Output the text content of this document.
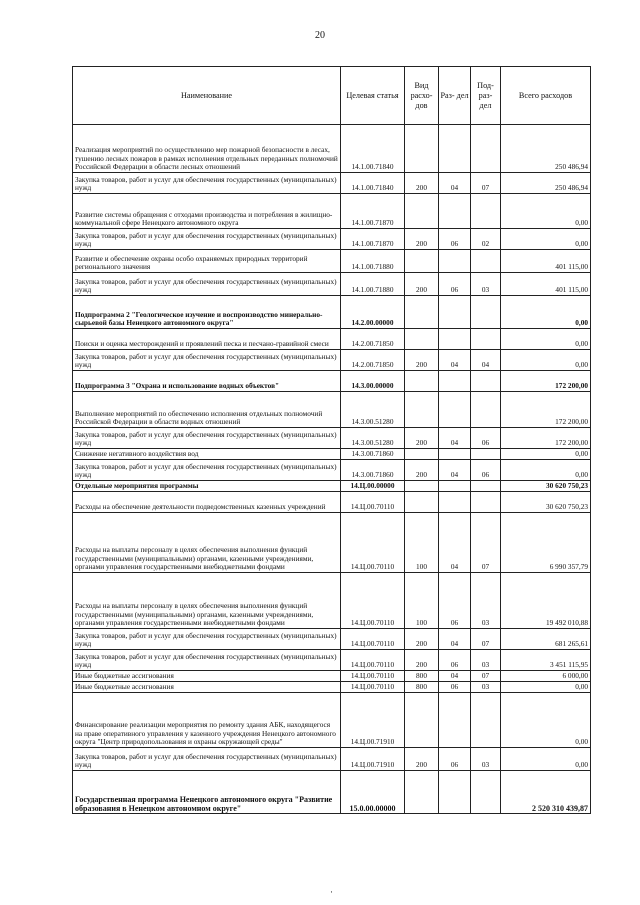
20
Наименование	Целевая статья	Вид расхо- дов	Раз- дел	Под- раз- дел	Всего расходов
Реализация мероприятий по осуществлению мер пожарной безопасности в лесах, тушению лесных пожаров в рамках исполнения отдельных переданных полномочий Российской Федерации в области лесных отношений	14.1.00.71840				250 486,94
Закупка товаров, работ и услуг для обеспечения государственных (муниципальных) нужд	14.1.00.71840	200	04	07	250 486,94
Развитие системы обращения с отходами производства и потребления в жилищно-коммунальной сфере Ненецкого автономного округа	14.1.00.71870				0,00
Закупка товаров, работ и услуг для обеспечения государственных (муниципальных) нужд	14.1.00.71870	200	06	02	0,00
Развитие и обеспечение охраны особо охраняемых природных территорий регионального значения	14.1.00.71880				401 115,00
Закупка товаров, работ и услуг для обеспечения государственных (муниципальных) нужд	14.1.00.71880	200	06	03	401 115,00
Подпрограмма 2 "Геологическое изучение и воспроизводство минерально-сырьевой базы Ненецкого автономного округа"	14.2.00.00000				0,00
Поиски и оценка месторождений и проявлений песка и песчано-гравийной смеси	14.2.00.71850				0,00
Закупка товаров, работ и услуг для обеспечения государственных (муниципальных) нужд	14.2.00.71850	200	04	04	0,00
Подпрограмма 3 "Охрана и использование водных объектов"	14.3.00.00000				172 200,00
Выполнение мероприятий по обеспечению исполнения отдельных полномочий Российской Федерации в области водных отношений	14.3.00.51280				172 200,00
Закупка товаров, работ и услуг для обеспечения государственных (муниципальных) нужд	14.3.00.51280	200	04	06	172 200,00
Снижение негативного воздействия вод	14.3.00.71860				0,00
Закупка товаров, работ и услуг для обеспечения государственных (муниципальных) нужд	14.3.00.71860	200	04	06	0,00
Отдельные мероприятия программы	14.Ц.00.00000				30 620 750,23
Расходы на обеспечение деятельности подведомственных казенных учреждений	14.Ц.00.70110				30 620 750,23
Расходы на выплаты персоналу в целях обеспечения выполнения функций государственными (муниципальными) органами, казенными учреждениями, органами управления государственными внебюджетными фондами	14.Ц.00.70110	100	04	07	6 990 357,79
Расходы на выплаты персоналу в целях обеспечения выполнения функций государственными (муниципальными) органами, казенными учреждениями, органами управления государственными внебюджетными фондами	14.Ц.00.70110	100	06	03	19 492 010,88
Закупка товаров, работ и услуг для обеспечения государственных (муниципальных) нужд	14.Ц.00.70110	200	04	07	681 265,61
Закупка товаров, работ и услуг для обеспечения государственных (муниципальных) нужд	14.Ц.00.70110	200	06	03	3 451 115,95
Иные бюджетные ассигнования	14.Ц.00.70110	800	04	07	6 000,00
Иные бюджетные ассигнования	14.Ц.00.70110	800	06	03	0,00
Финансирование реализации мероприятия по ремонту здания АБК, находящегося на праве оперативного управления у казенного учреждения Ненецкого автономного округа "Центр природопользования и охраны окружающей среды"	14.Ц.00.71910				0,00
Закупка товаров, работ и услуг для обеспечения государственных (муниципальных) нужд	14.Ц.00.71910	200	06	03	0,00
Государственная программа Ненецкого автономного округа "Развитие образования в Ненецком автономном округе"	15.0.00.00000				2 520 310 439,87
·
